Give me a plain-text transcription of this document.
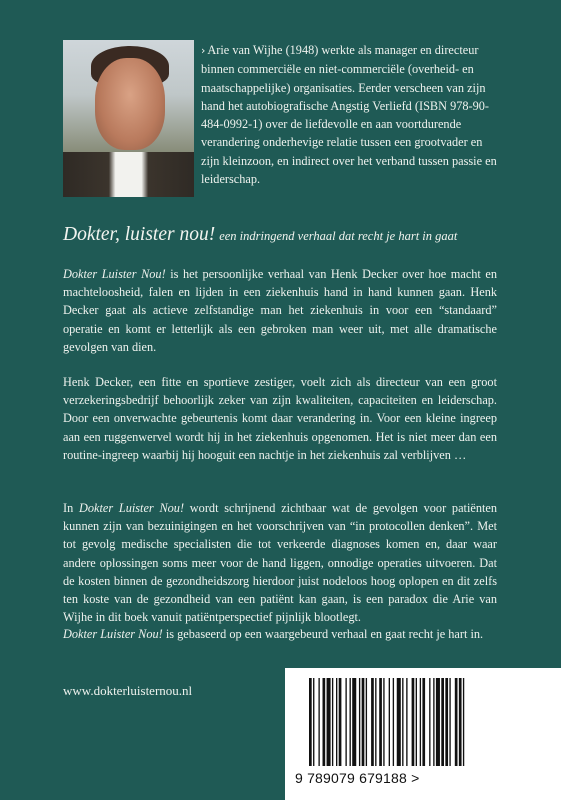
› Arie van Wijhe (1948) werkte als manager en directeur binnen commerciële en niet-commerciële (overheid- en maatschappelijke) organisaties. Eerder verscheen van zijn hand het autobiografische Angstig Verliefd (ISBN 978-90-484-0992-1) over de liefdevolle en aan voortdurende verandering onderhevige relatie tussen een grootvader en zijn kleinzoon, en indirect over het verband tussen passie en leiderschap.
Dokter, luister nou! een indringend verhaal dat recht je hart in gaat

Dokter Luister Nou! is het persoonlijke verhaal van Henk Decker over hoe macht en machteloosheid, falen en lijden in een ziekenhuis hand in hand kunnen gaan. Henk Decker gaat als actieve zelfstandige man het ziekenhuis in voor een “standaard” operatie en komt er letterlijk als een gebroken man weer uit, met alle dramatische gevolgen van dien.

Henk Decker, een fitte en sportieve zestiger, voelt zich als directeur van een groot verzekeringsbedrijf behoorlijk zeker van zijn kwaliteiten, capaciteiten en leiderschap. Door een onverwachte gebeurtenis komt daar verandering in. Voor een kleine ingreep aan een ruggenwervel wordt hij in het ziekenhuis opgenomen. Het is niet meer dan een routine-ingreep waarbij hij hooguit een nachtje in het ziekenhuis zal verblijven …

In Dokter Luister Nou! wordt schrijnend zichtbaar wat de gevolgen voor patiënten kunnen zijn van bezuinigingen en het voorschrijven van “in protocollen denken”. Met tot gevolg medische specialisten die tot verkeerde diagnoses komen en, daar waar andere oplossingen soms meer voor de hand liggen, onnodige operaties uitvoeren. Dat de kosten binnen de gezondheidszorg hierdoor juist nodeloos hoog oplopen en dit zelfs ten koste van de gezondheid van een patiënt kan gaan, is een paradox die Arie van Wijhe in dit boek vanuit patiëntperspectief pijnlijk blootlegt.

Dokter Luister Nou! is gebaseerd op een waargebeurd verhaal en gaat recht je hart in.

www.dokterluisternou.nl
9 789079 679188 >
